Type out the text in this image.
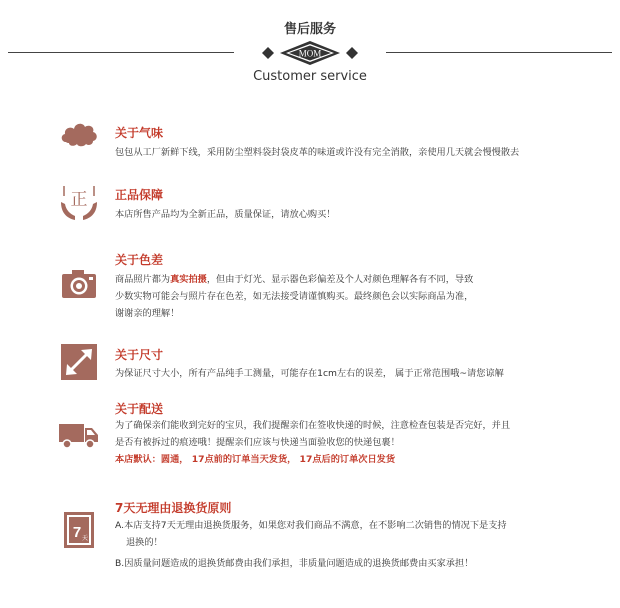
售后服务
MOM
Customer service
关于气味
包包从工厂新鲜下线，采用防尘塑料袋封袋皮革的味道或许没有完全消散，亲使用几天就会慢慢散去
正 正品保障
本店所售产品均为全新正品，质量保证，请放心购买！
关于色差
商品照片都为真实拍摄，但由于灯光、显示器色彩偏差及个人对颜色理解各有不同，导致
少数实物可能会与照片存在色差，如无法接受请谨慎购买。最终颜色会以实际商品为准，
谢谢亲的理解！
关于尺寸
为保证尺寸大小，所有产品纯手工测量，可能存在1cm左右的误差， 属于正常范围哦~请您谅解
关于配送
为了确保亲们能收到完好的宝贝，我们提醒亲们在签收快递的时候，注意检查包装是否完好，并且
是否有被拆过的痕迹哦！提醒亲们应该与快递当面验收您的快递包裹！
本店默认：圆通， 17点前的订单当天发货， 17点后的订单次日发货
7 天
7天无理由退换货原则
A.本店支持7天无理由退换货服务，如果您对我们商品不满意，在不影响二次销售的情况下是支持
退换的！
B.因质量问题造成的退换货邮费由我们承担，非质量问题造成的退换货邮费由买家承担！
